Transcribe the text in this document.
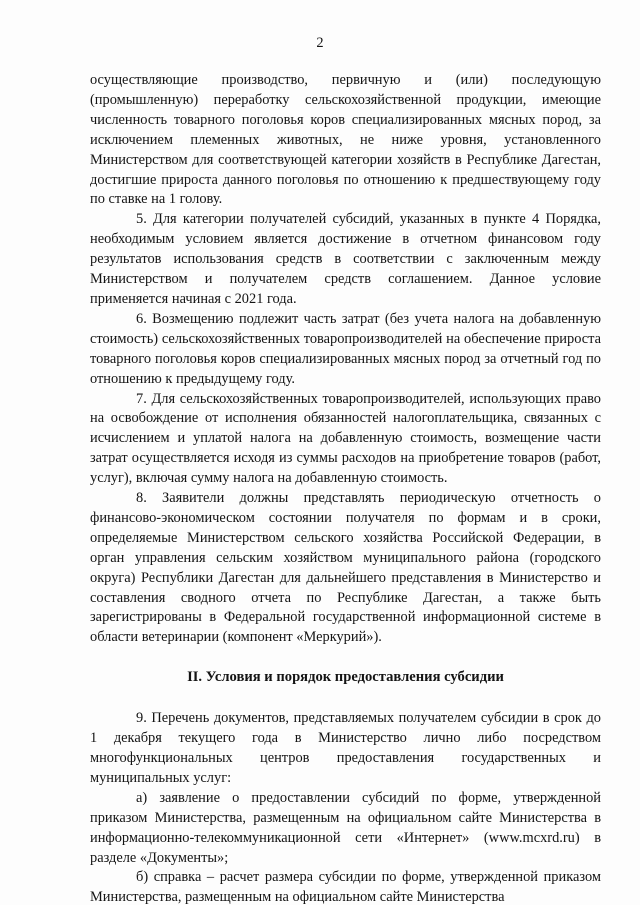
2

осуществляющие производство, первичную и (или) последующую (промышленную) переработку сельскохозяйственной продукции, имеющие численность товарного поголовья коров специализированных мясных пород, за исключением племенных животных, не ниже уровня, установленного Министерством для соответствующей категории хозяйств в Республике Дагестан, достигшие прироста данного поголовья по отношению к предшествующему году по ставке на 1 голову.

5. Для категории получателей субсидий, указанных в пункте 4 Порядка, необходимым условием является достижение в отчетном финансовом году результатов использования средств в соответствии с заключенным между Министерством и получателем средств соглашением. Данное условие применяется начиная с 2021 года.

6. Возмещению подлежит часть затрат (без учета налога на добавленную стоимость) сельскохозяйственных товаропроизводителей на обеспечение прироста товарного поголовья коров специализированных мясных пород за отчетный год по отношению к предыдущему году.

7. Для сельскохозяйственных товаропроизводителей, использующих право на освобождение от исполнения обязанностей налогоплательщика, связанных с исчислением и уплатой налога на добавленную стоимость, возмещение части затрат осуществляется исходя из суммы расходов на приобретение товаров (работ, услуг), включая сумму налога на добавленную стоимость.

8. Заявители должны представлять периодическую отчетность о финансово-экономическом состоянии получателя по формам и в сроки, определяемые Министерством сельского хозяйства Российской Федерации, в орган управления сельским хозяйством муниципального района (городского округа) Республики Дагестан для дальнейшего представления в Министерство и составления сводного отчета по Республике Дагестан, а также быть зарегистрированы в Федеральной государственной информационной системе в области ветеринарии (компонент «Меркурий»).

II. Условия и порядок предоставления субсидии

9. Перечень документов, представляемых получателем субсидии в срок до 1 декабря текущего года в Министерство лично либо посредством многофункциональных центров предоставления государственных и муниципальных услуг:

а) заявление о предоставлении субсидий по форме, утвержденной приказом Министерства, размещенным на официальном сайте Министерства в информационно-телекоммуникационной сети «Интернет» (www.mcxrd.ru) в разделе «Документы»;

б) справка – расчет размера субсидии по форме, утвержденной приказом Министерства, размещенным на официальном сайте Министерства
